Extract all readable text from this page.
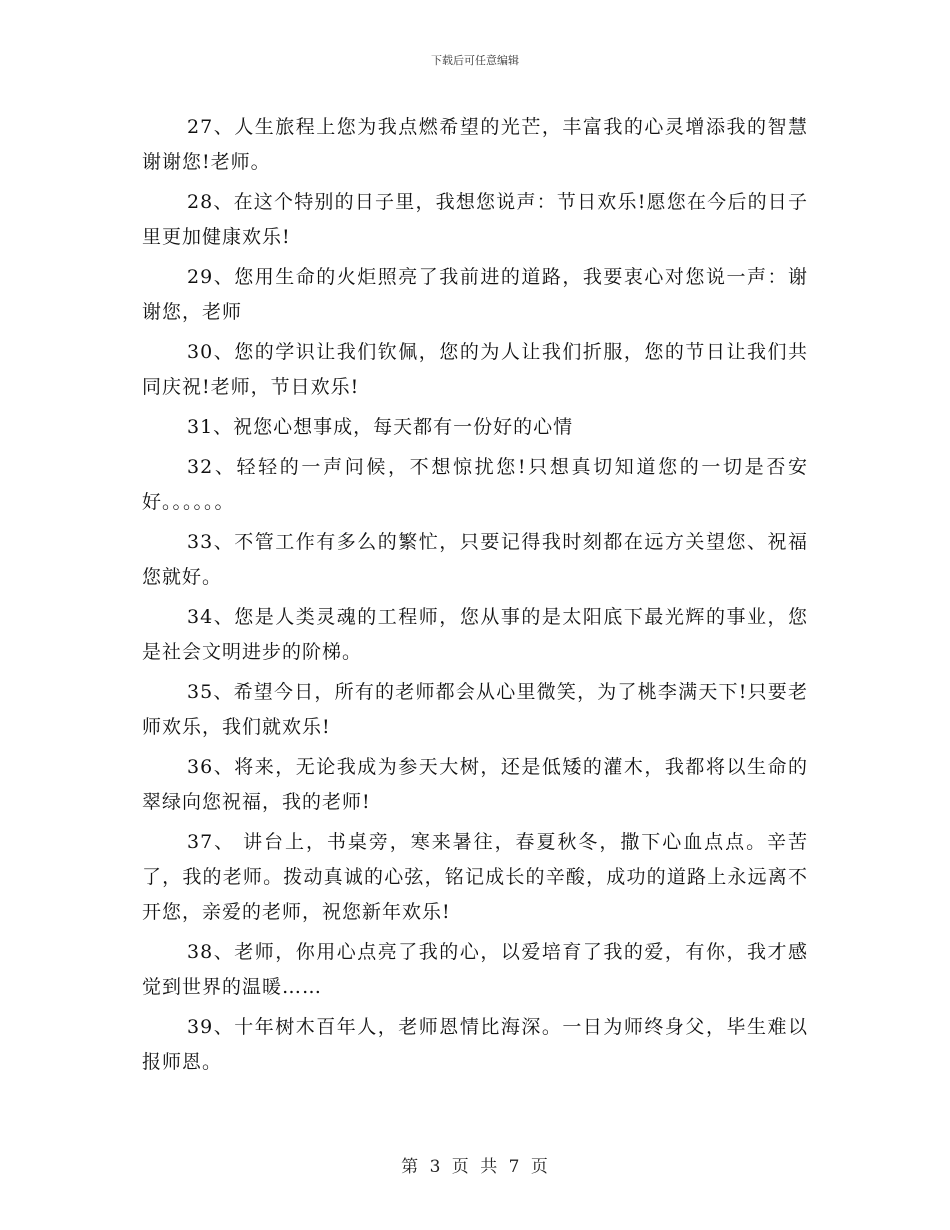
下载后可任意编辑

27、人生旅程上您为我点燃希望的光芒，丰富我的心灵增添我的智慧谢谢您!老师。

28、在这个特别的日子里，我想您说声：节日欢乐!愿您在今后的日子里更加健康欢乐!

29、您用生命的火炬照亮了我前进的道路，我要衷心对您说一声：谢谢您，老师

30、您的学识让我们钦佩，您的为人让我们折服，您的节日让我们共同庆祝!老师，节日欢乐!

31、祝您心想事成，每天都有一份好的心情

32、轻轻的一声问候，不想惊扰您!只想真切知道您的一切是否安好。。。。。。

33、不管工作有多么的繁忙，只要记得我时刻都在远方关望您、祝福您就好。

34、您是人类灵魂的工程师，您从事的是太阳底下最光辉的事业，您是社会文明进步的阶梯。

35、希望今日，所有的老师都会从心里微笑，为了桃李满天下!只要老师欢乐，我们就欢乐!

36、将来，无论我成为参天大树，还是低矮的灌木，我都将以生命的翠绿向您祝福，我的老师!

37、 讲台上，书桌旁，寒来暑往，春夏秋冬，撒下心血点点。辛苦了，我的老师。拨动真诚的心弦，铭记成长的辛酸，成功的道路上永远离不开您，亲爱的老师，祝您新年欢乐!

38、老师，你用心点亮了我的心，以爱培育了我的爱，有你，我才感觉到世界的温暖……

39、十年树木百年人，老师恩情比海深。一日为师终身父，毕生难以报师恩。

第 3 页 共 7 页
